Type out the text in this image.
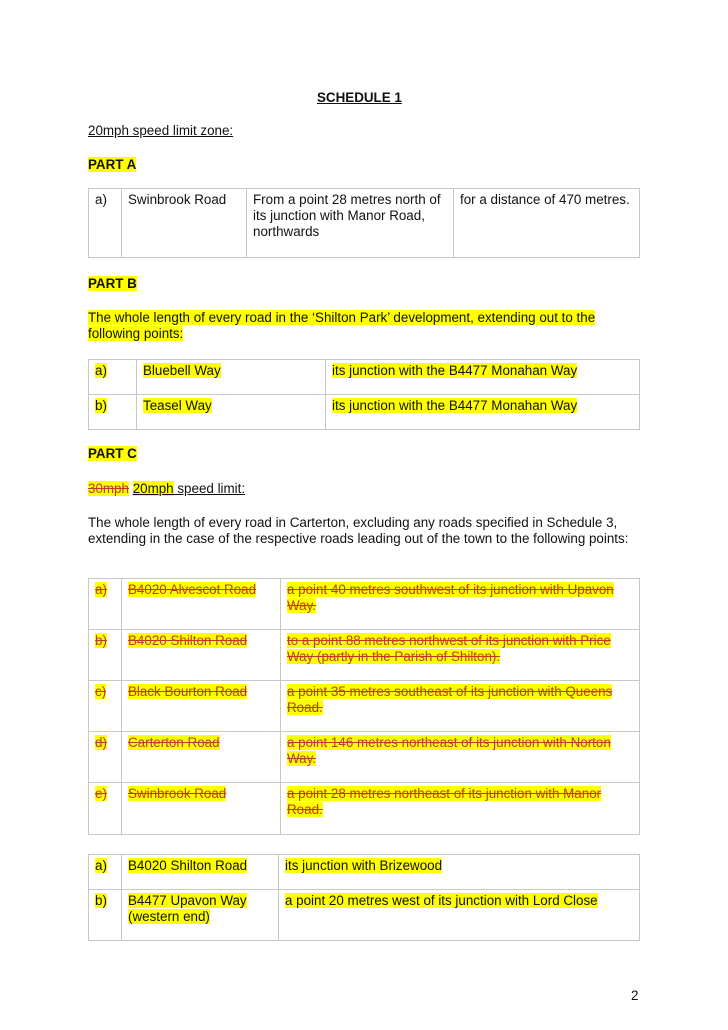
SCHEDULE 1
20mph speed limit zone:
PART A
a)	Swinbrook Road	From a point 28 metres north of its junction with Manor Road, northwards	for a distance of 470 metres.
PART B

The whole length of every road in the ‘Shilton Park’ development, extending out to the following points:

a)	Bluebell Way	its junction with the B4477 Monahan Way
b)	Teasel Way	its junction with the B4477 Monahan Way
PART C
30mph 20mph speed limit:

The whole length of every road in Carterton, excluding any roads specified in Schedule 3, extending in the case of the respective roads leading out of the town to the following points:

a)	B4020 Alvescot Road	a point 40 metres southwest of its junction with Upavon Way.
b)	B4020 Shilton Road	to a point 88 metres northwest of its junction with Price Way (partly in the Parish of Shilton).
c)	Black Bourton Road	a point 35 metres southeast of its junction with Queens Road.
d)	Carterton Road	a point 146 metres northeast of its junction with Norton Way.
e)	Swinbrook Road	a point 28 metres northeast of its junction with Manor Road.
a)	B4020 Shilton Road	its junction with Brizewood
b)	B4477 Upavon Way (western end)	a point 20 metres west of its junction with Lord Close
2
